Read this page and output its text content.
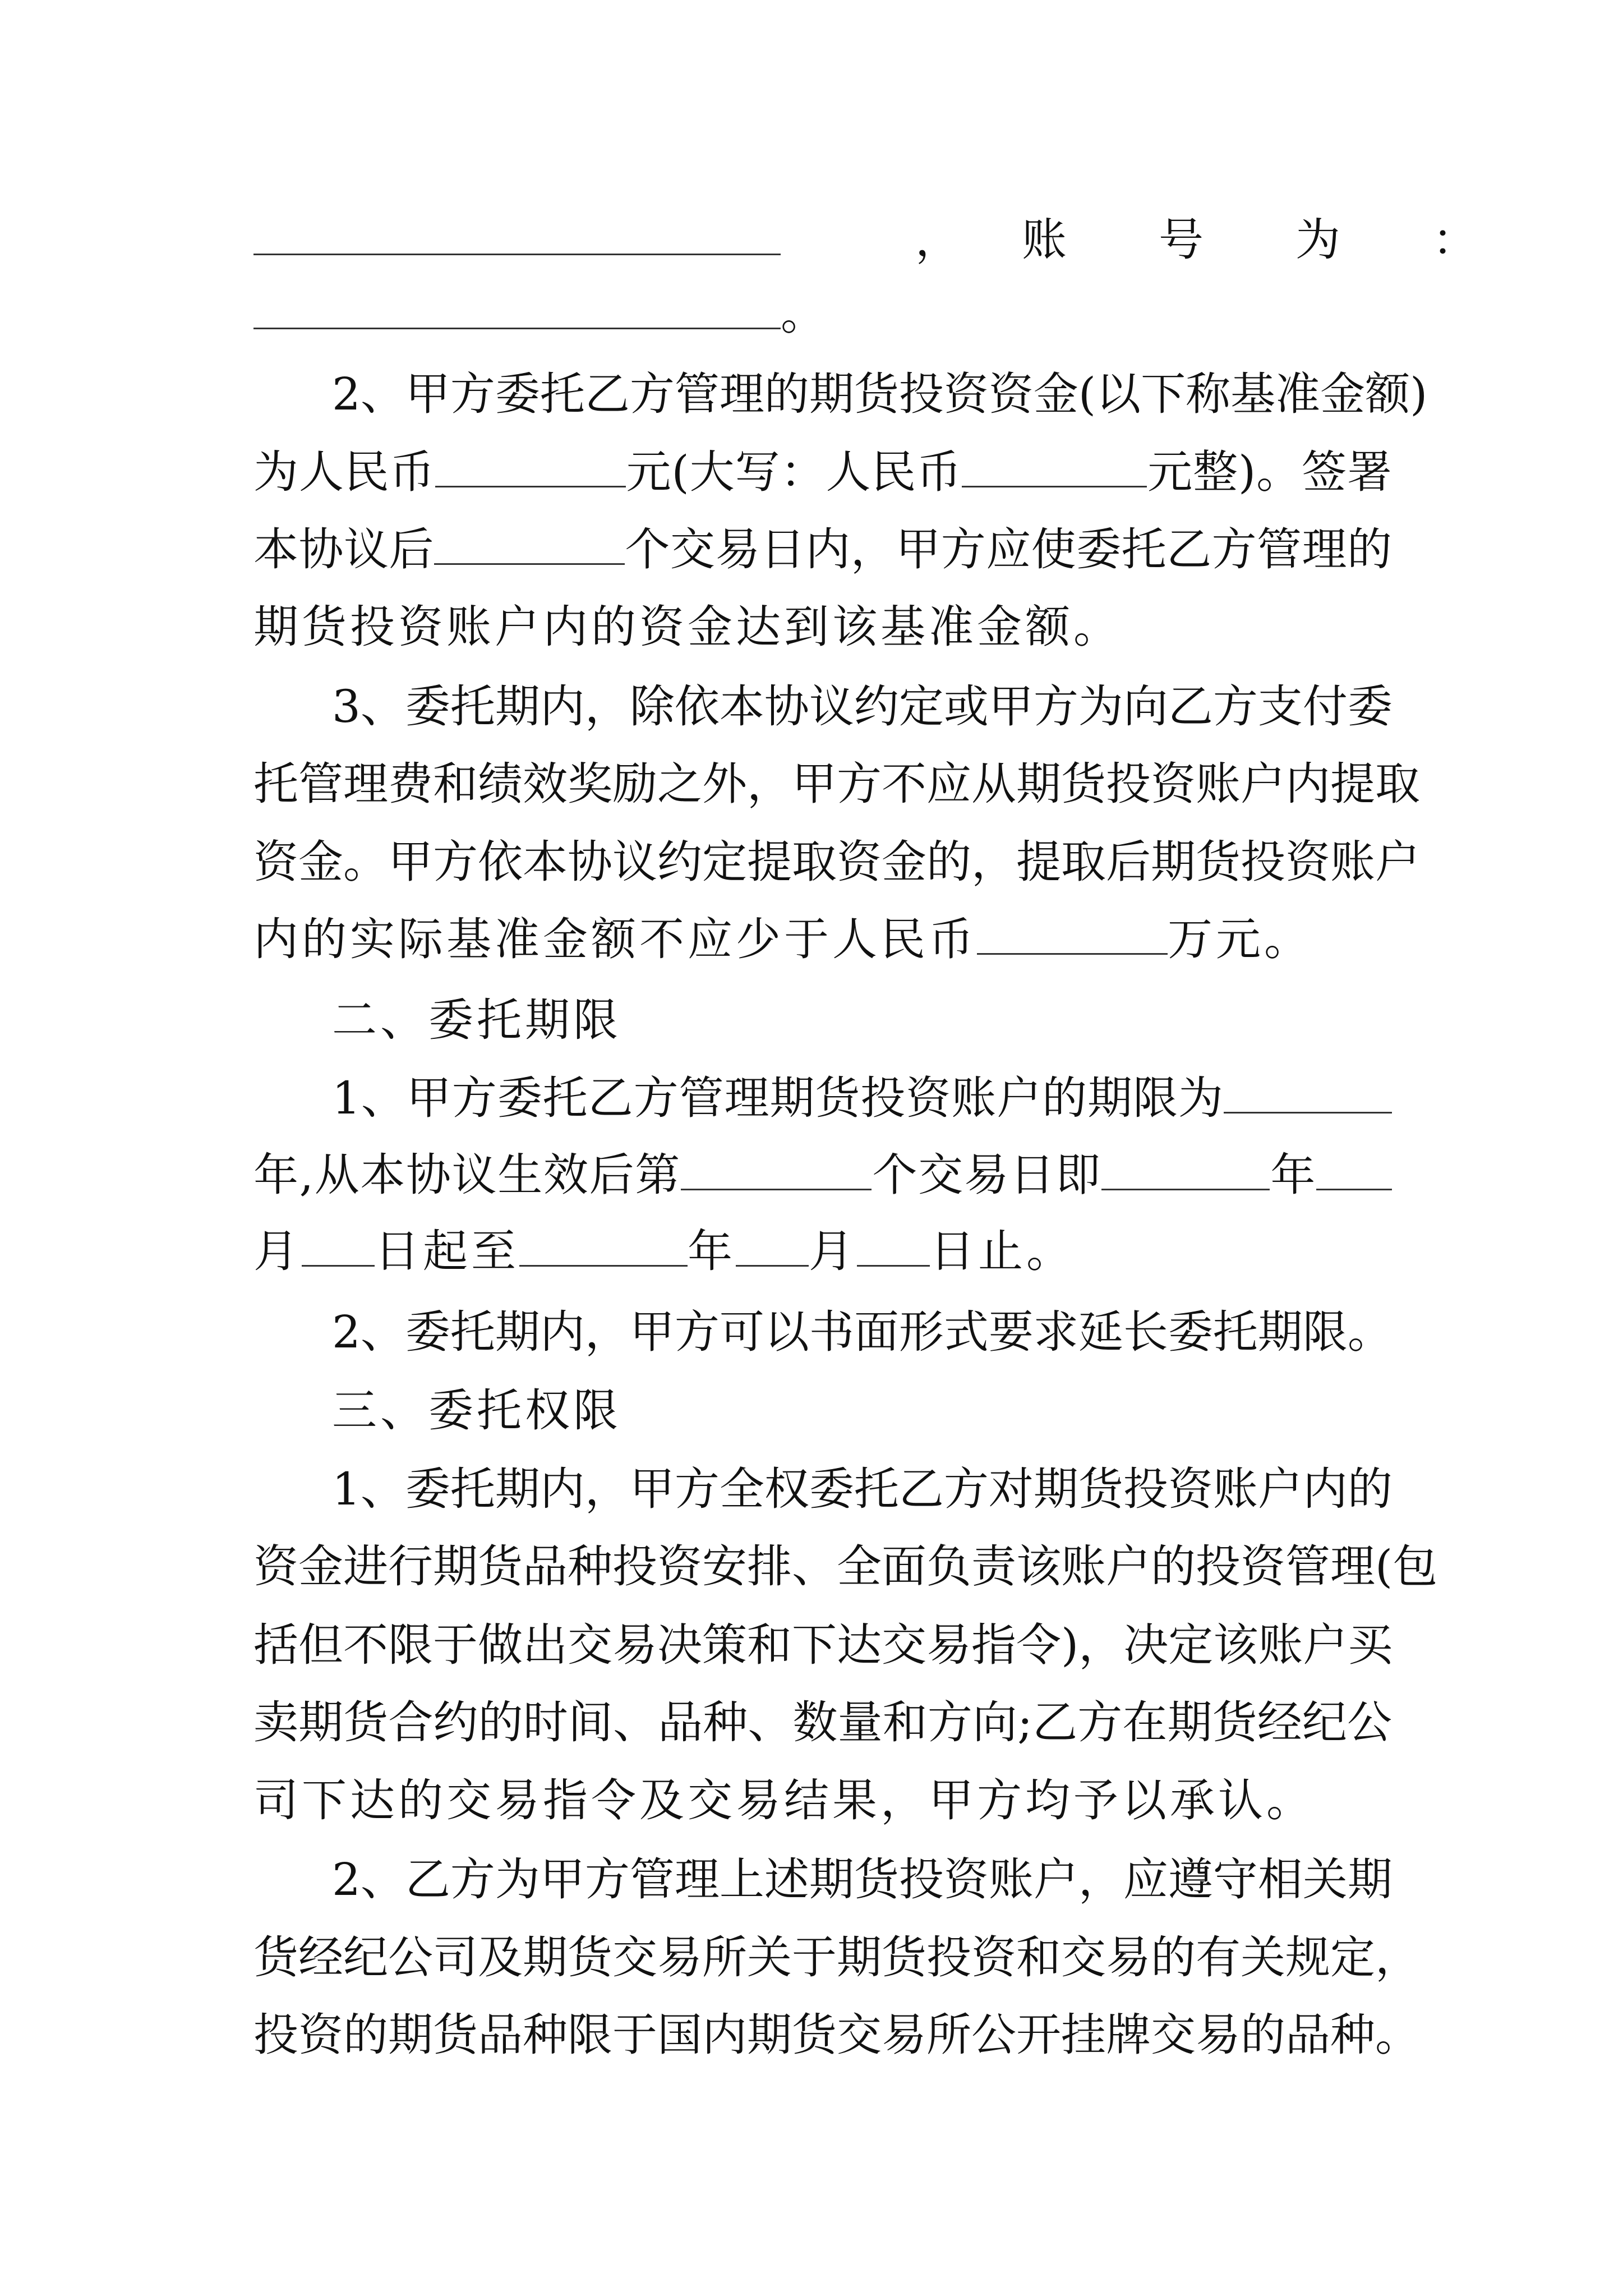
， 账　号　为　：
。
2、甲方委托乙方管理的期货投资资金(以下称基准金额)
为人民币	元(大写：人民币	元整)。签署
本协议后	个交易日内，甲方应使委托乙方管理的
期货投资账户内的资金达到该基准金额。
3、委托期内，除依本协议约定或甲方为向乙方支付委
托管理费和绩效奖励之外，甲方不应从期货投资账户内提取
资金。甲方依本协议约定提取资金的，提取后期货投资账户
内的实际基准金额不应少于人民币	万元。
二、委托期限
1、甲方委托乙方管理期货投资账户的期限为
年,从本协议生效后第	个交易日即	年
月 日起至	年 月 日止。
2、委托期内，甲方可以书面形式要求延长委托期限。
三、委托权限
1、委托期内，甲方全权委托乙方对期货投资账户内的
资金进行期货品种投资安排、全面负责该账户的投资管理(包
括但不限于做出交易决策和下达交易指令)，决定该账户买
卖期货合约的时间、品种、数量和方向;乙方在期货经纪公
司下达的交易指令及交易结果，甲方均予以承认。
2、乙方为甲方管理上述期货投资账户，应遵守相关期
货经纪公司及期货交易所关于期货投资和交易的有关规定，
投资的期货品种限于国内期货交易所公开挂牌交易的品种。
